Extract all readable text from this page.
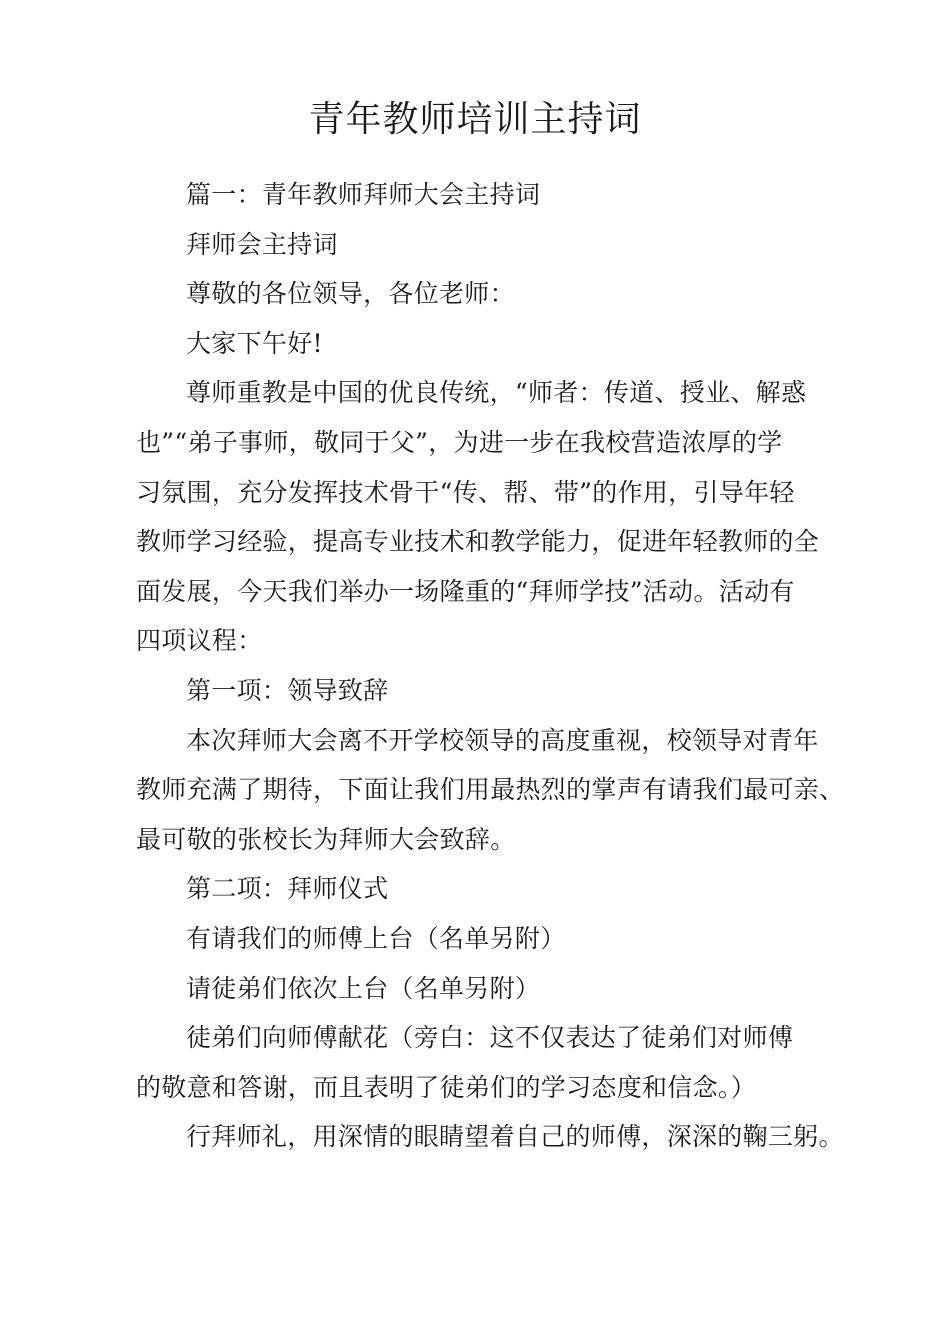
青年教师培训主持词
篇一：青年教师拜师大会主持词
拜师会主持词
尊敬的各位领导，各位老师：
大家下午好!
尊师重教是中国的优良传统，“师者：传道、授业、解惑
也”“弟子事师，敬同于父”，为进一步在我校营造浓厚的学
习氛围，充分发挥技术骨干“传、帮、带”的作用，引导年轻
教师学习经验，提高专业技术和教学能力，促进年轻教师的全
面发展，今天我们举办一场隆重的“拜师学技”活动。活动有
四项议程：
第一项：领导致辞
本次拜师大会离不开学校领导的高度重视，校领导对青年
教师充满了期待，下面让我们用最热烈的掌声有请我们最可亲、
最可敬的张校长为拜师大会致辞。
第二项：拜师仪式
有请我们的师傅上台（名单另附）
请徒弟们依次上台（名单另附）
徒弟们向师傅献花（旁白：这不仅表达了徒弟们对师傅
的敬意和答谢，而且表明了徒弟们的学习态度和信念。）
行拜师礼，用深情的眼睛望着自己的师傅，深深的鞠三躬。
